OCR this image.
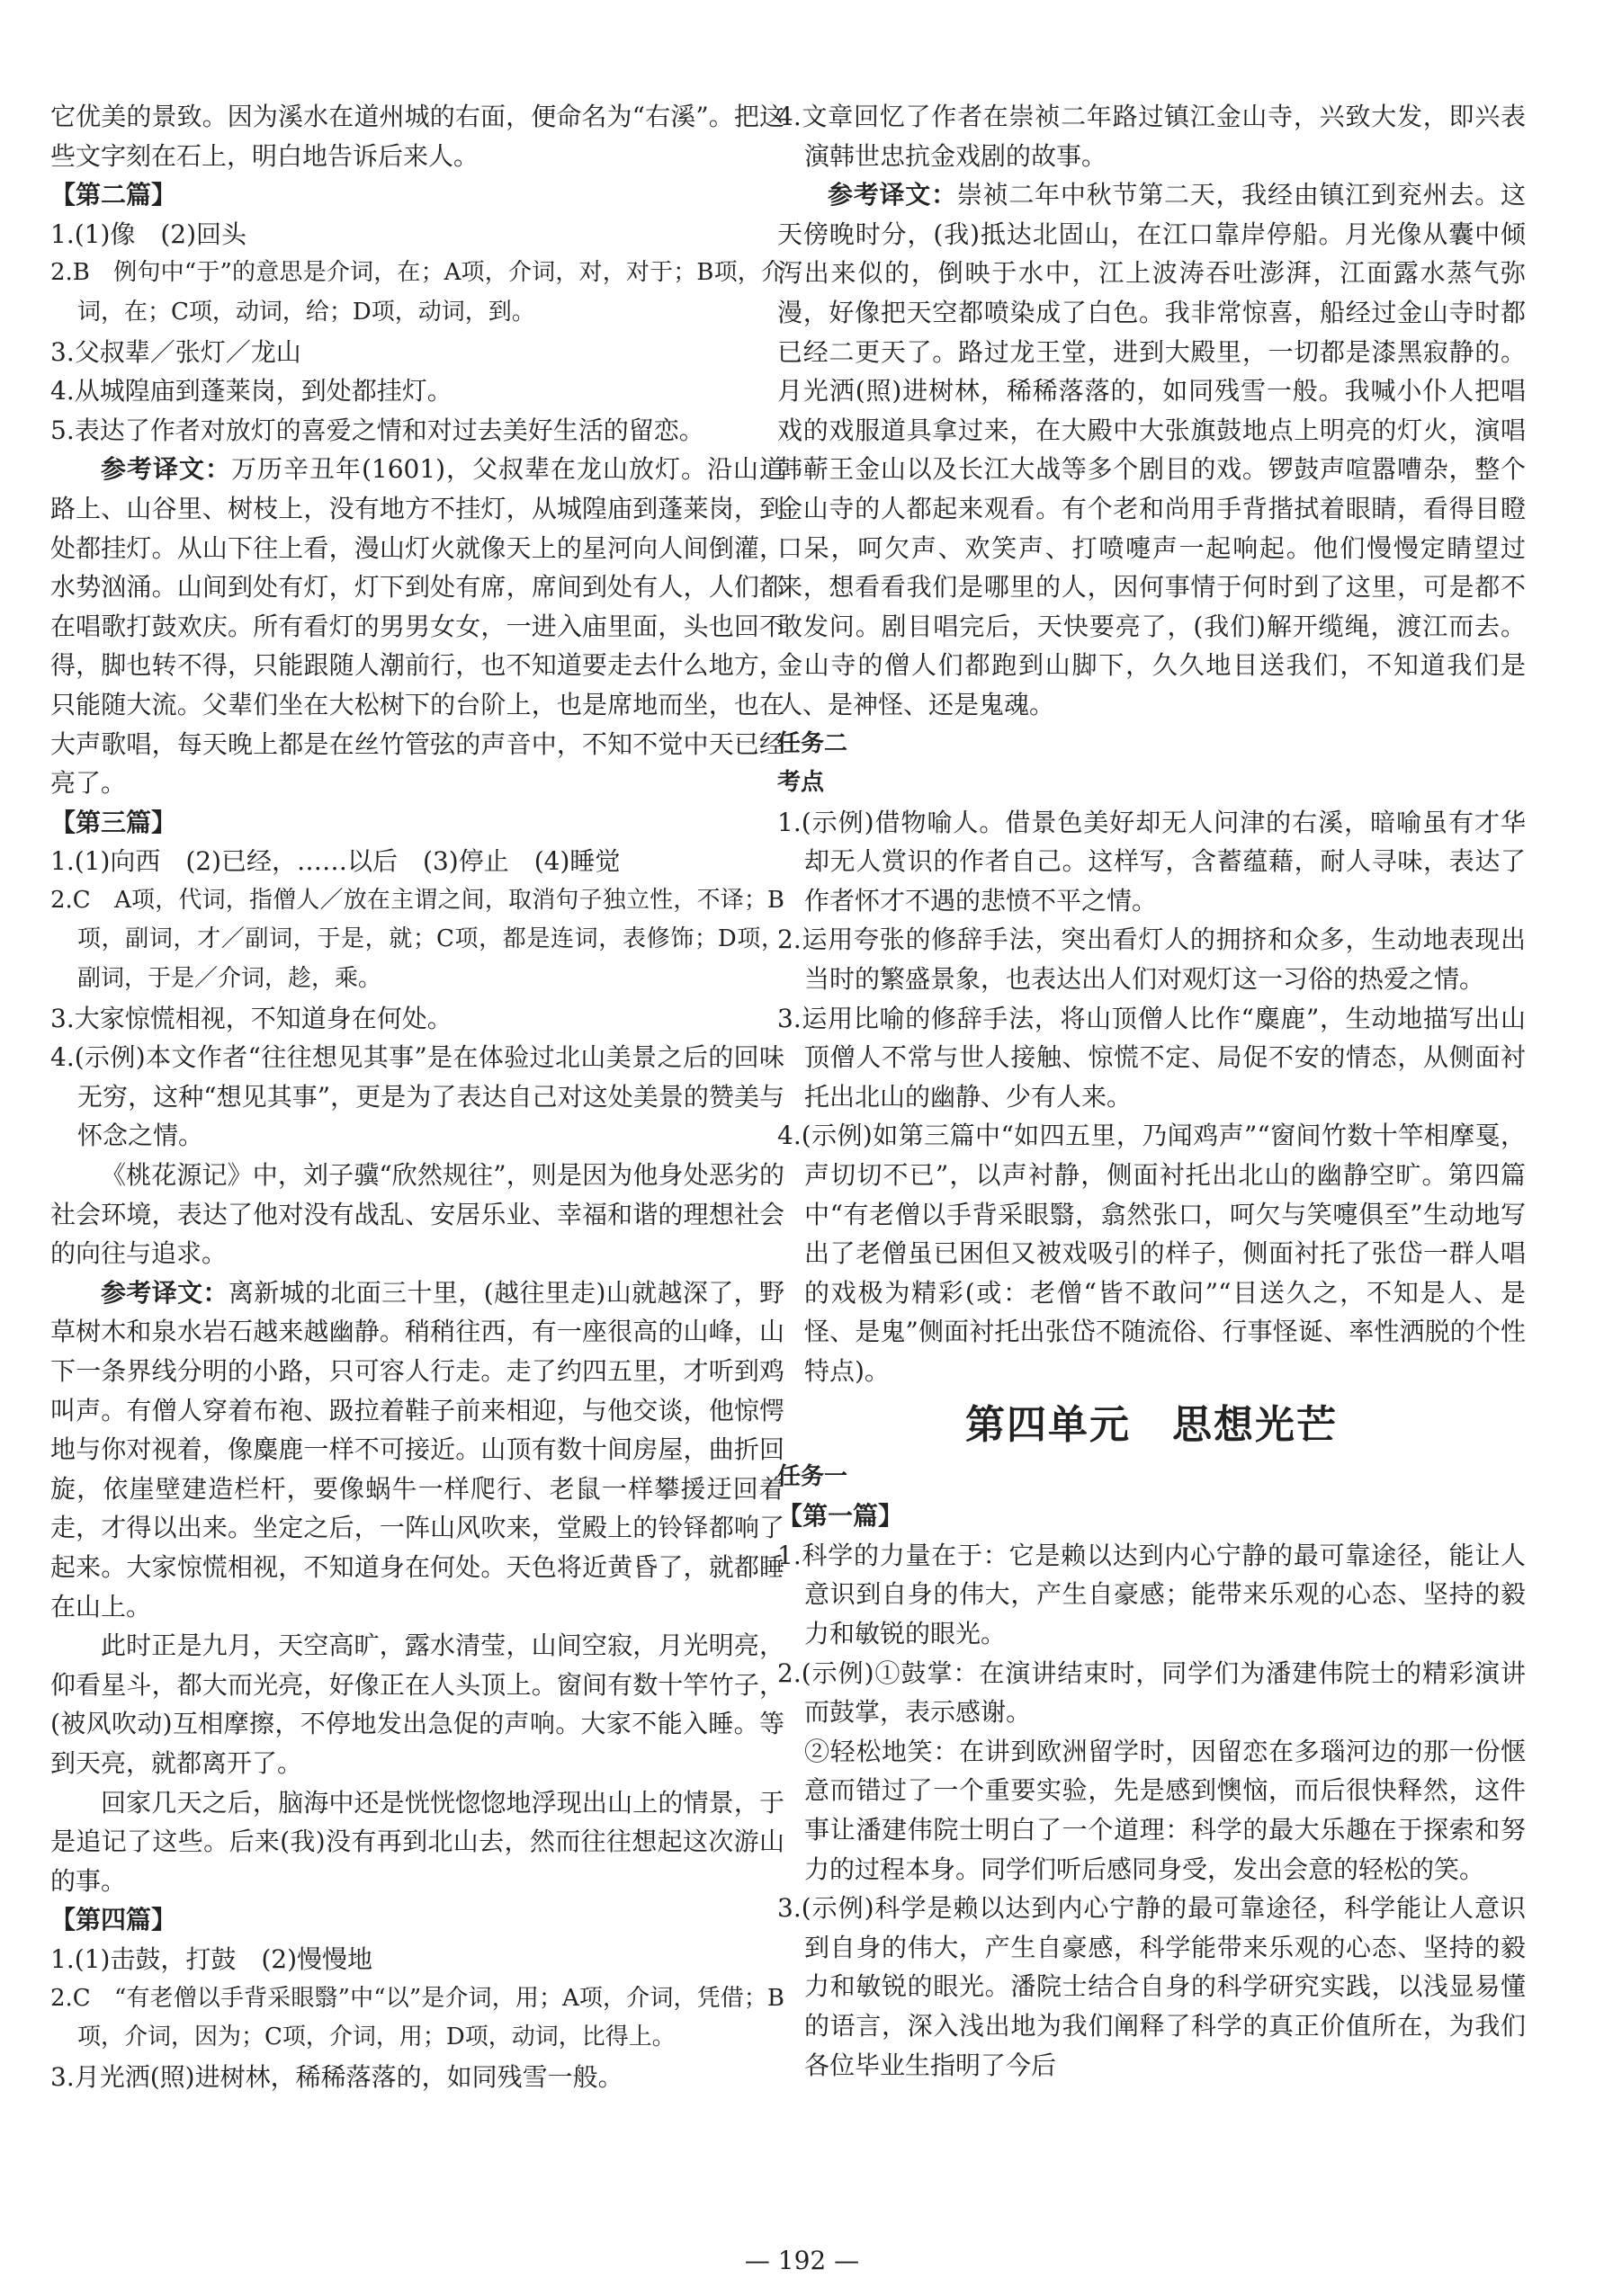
它优美的景致。因为溪水在道州城的右面，便命名为“右溪”。把这些文字刻在石上，明白地告诉后来人。

【第二篇】

1.(1)像　(2)回头

2.B　例句中“于”的意思是介词，在；A项，介词，对，对于；B项，介词，在；C项，动词，给；D项，动词，到。

3.父叔辈／张灯／龙山

4.从城隍庙到蓬莱岗，到处都挂灯。

5.表达了作者对放灯的喜爱之情和对过去美好生活的留恋。

参考译文：万历辛丑年(1601)，父叔辈在龙山放灯。沿山道路上、山谷里、树枝上，没有地方不挂灯，从城隍庙到蓬莱岗，到处都挂灯。从山下往上看，漫山灯火就像天上的星河向人间倒灌，水势汹涌。山间到处有灯，灯下到处有席，席间到处有人，人们都在唱歌打鼓欢庆。所有看灯的男男女女，一进入庙里面，头也回不得，脚也转不得，只能跟随人潮前行，也不知道要走去什么地方，只能随大流。父辈们坐在大松树下的台阶上，也是席地而坐，也在大声歌唱，每天晚上都是在丝竹管弦的声音中，不知不觉中天已经亮了。

【第三篇】

1.(1)向西　(2)已经，……以后　(3)停止　(4)睡觉

2.C　A项，代词，指僧人／放在主谓之间，取消句子独立性，不译；B项，副词，才／副词，于是，就；C项，都是连词，表修饰；D项，副词，于是／介词，趁，乘。

3.大家惊慌相视，不知道身在何处。

4.(示例)本文作者“往往想见其事”是在体验过北山美景之后的回味无穷，这种“想见其事”，更是为了表达自己对这处美景的赞美与怀念之情。

《桃花源记》中，刘子骥“欣然规往”，则是因为他身处恶劣的社会环境，表达了他对没有战乱、安居乐业、幸福和谐的理想社会的向往与追求。

参考译文：离新城的北面三十里，(越往里走)山就越深了，野草树木和泉水岩石越来越幽静。稍稍往西，有一座很高的山峰，山下一条界线分明的小路，只可容人行走。走了约四五里，才听到鸡叫声。有僧人穿着布袍、趿拉着鞋子前来相迎，与他交谈，他惊愕地与你对视着，像麋鹿一样不可接近。山顶有数十间房屋，曲折回旋，依崖壁建造栏杆，要像蜗牛一样爬行、老鼠一样攀援迂回着走，才得以出来。坐定之后，一阵山风吹来，堂殿上的铃铎都响了起来。大家惊慌相视，不知道身在何处。天色将近黄昏了，就都睡在山上。

此时正是九月，天空高旷，露水清莹，山间空寂，月光明亮，仰看星斗，都大而光亮，好像正在人头顶上。窗间有数十竿竹子，(被风吹动)互相摩擦，不停地发出急促的声响。大家不能入睡。等到天亮，就都离开了。

回家几天之后，脑海中还是恍恍惚惚地浮现出山上的情景，于是追记了这些。后来(我)没有再到北山去，然而往往想起这次游山的事。

【第四篇】

1.(1)击鼓，打鼓　(2)慢慢地

2.C　“有老僧以手背采眼翳”中“以”是介词，用；A项，介词，凭借；B项，介词，因为；C项，介词，用；D项，动词，比得上。

3.月光洒(照)进树林，稀稀落落的，如同残雪一般。

4.文章回忆了作者在崇祯二年路过镇江金山寺，兴致大发，即兴表演韩世忠抗金戏剧的故事。

参考译文：崇祯二年中秋节第二天，我经由镇江到兖州去。这天傍晚时分，(我)抵达北固山，在江口靠岸停船。月光像从囊中倾泻出来似的，倒映于水中，江上波涛吞吐澎湃，江面露水蒸气弥漫，好像把天空都喷染成了白色。我非常惊喜，船经过金山寺时都已经二更天了。路过龙王堂，进到大殿里，一切都是漆黑寂静的。月光洒(照)进树林，稀稀落落的，如同残雪一般。我喊小仆人把唱戏的戏服道具拿过来，在大殿中大张旗鼓地点上明亮的灯火，演唱韩蕲王金山以及长江大战等多个剧目的戏。锣鼓声喧嚣嘈杂，整个金山寺的人都起来观看。有个老和尚用手背揩拭着眼睛，看得目瞪口呆，呵欠声、欢笑声、打喷嚏声一起响起。他们慢慢定睛望过来，想看看我们是哪里的人，因何事情于何时到了这里，可是都不敢发问。剧目唱完后，天快要亮了，(我们)解开缆绳，渡江而去。金山寺的僧人们都跑到山脚下，久久地目送我们，不知道我们是人、是神怪、还是鬼魂。

任务二

考点

1.(示例)借物喻人。借景色美好却无人问津的右溪，暗喻虽有才华却无人赏识的作者自己。这样写，含蓄蕴藉，耐人寻味，表达了作者怀才不遇的悲愤不平之情。

2.运用夸张的修辞手法，突出看灯人的拥挤和众多，生动地表现出当时的繁盛景象，也表达出人们对观灯这一习俗的热爱之情。

3.运用比喻的修辞手法，将山顶僧人比作“麋鹿”，生动地描写出山顶僧人不常与世人接触、惊慌不定、局促不安的情态，从侧面衬托出北山的幽静、少有人来。

4.(示例)如第三篇中“如四五里，乃闻鸡声”“窗间竹数十竿相摩戛，声切切不已”，以声衬静，侧面衬托出北山的幽静空旷。第四篇中“有老僧以手背采眼翳，翕然张口，呵欠与笑嚏俱至”生动地写出了老僧虽已困但又被戏吸引的样子，侧面衬托了张岱一群人唱的戏极为精彩(或：老僧“皆不敢问”“目送久之，不知是人、是怪、是鬼”侧面衬托出张岱不随流俗、行事怪诞、率性洒脱的个性特点)。

第四单元　思想光芒

任务一

【第一篇】

1.科学的力量在于：它是赖以达到内心宁静的最可靠途径，能让人意识到自身的伟大，产生自豪感；能带来乐观的心态、坚持的毅力和敏锐的眼光。

2.(示例)①鼓掌：在演讲结束时，同学们为潘建伟院士的精彩演讲而鼓掌，表示感谢。

②轻松地笑：在讲到欧洲留学时，因留恋在多瑙河边的那一份惬意而错过了一个重要实验，先是感到懊恼，而后很快释然，这件事让潘建伟院士明白了一个道理：科学的最大乐趣在于探索和努力的过程本身。同学们听后感同身受，发出会意的轻松的笑。

3.(示例)科学是赖以达到内心宁静的最可靠途径，科学能让人意识到自身的伟大，产生自豪感，科学能带来乐观的心态、坚持的毅力和敏锐的眼光。潘院士结合自身的科学研究实践，以浅显易懂的语言，深入浅出地为我们阐释了科学的真正价值所在，为我们各位毕业生指明了今后

— 192 —
